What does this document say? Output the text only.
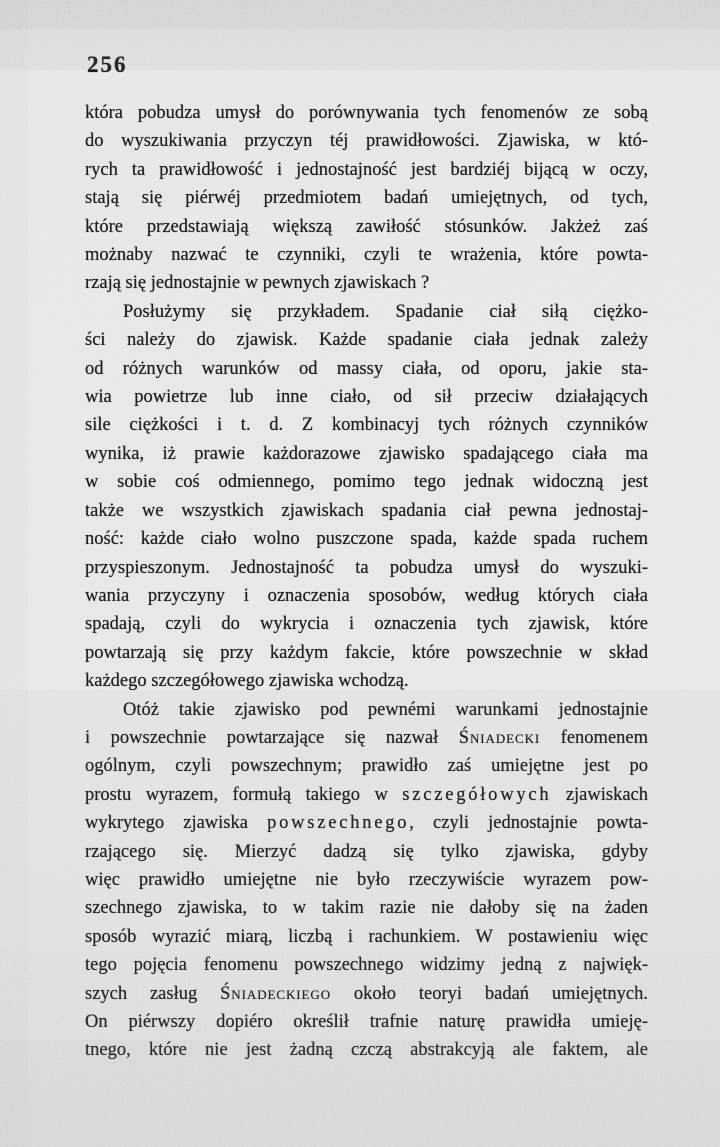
256
która pobudza umysł do porównywania tych fenomenów ze sobą
do wyszukiwania przyczyn téj prawidłowości. Zjawiska, w któ-
rych ta prawidłowość i jednostajność jest bardziéj bijącą w oczy,
stają się piérwéj przedmiotem badań umiejętnych, od tych,
które przedstawiają większą zawiłość stósunków. Jakżeż zaś
możnaby nazwać te czynniki, czyli te wrażenia, które powta-
rzają się jednostajnie w pewnych zjawiskach ?
Posłużymy się przykładem. Spadanie ciał siłą ciężko-
ści należy do zjawisk. Każde spadanie ciała jednak zależy
od różnych warunków od massy ciała, od oporu, jakie sta-
wia powietrze lub inne ciało, od sił przeciw działających
sile ciężkości i t. d. Z kombinacyj tych różnych czynników
wynika, iż prawie każdorazowe zjawisko spadającego ciała ma
w sobie coś odmiennego, pomimo tego jednak widoczną jest
także we wszystkich zjawiskach spadania ciał pewna jednostaj-
ność: każde ciało wolno puszczone spada, każde spada ruchem
przyspieszonym. Jednostajność ta pobudza umysł do wyszuki-
wania przyczyny i oznaczenia sposobów, według których ciała
spadają, czyli do wykrycia i oznaczenia tych zjawisk, które
powtarzają się przy każdym fakcie, które powszechnie w skład
każdego szczegółowego zjawiska wchodzą.
Otóż takie zjawisko pod pewnémi warunkami jednostajnie
i powszechnie powtarzające się nazwał Śniadecki fenomenem
ogólnym, czyli powszechnym; prawidło zaś umiejętne jest po
prostu wyrazem, formułą takiego w szczegółowych zjawiskach
wykrytego zjawiska powszechnego, czyli jednostajnie powta-
rzającego się. Mierzyć dadzą się tylko zjawiska, gdyby
więc prawidło umiejętne nie było rzeczywiście wyrazem pow-
szechnego zjawiska, to w takim razie nie dałoby się na żaden
sposób wyrazić miarą, liczbą i rachunkiem. W postawieniu więc
tego pojęcia fenomenu powszechnego widzimy jedną z najwięk-
szych zasług Śniadeckiego około teoryi badań umiejętnych.
On piérwszy dopiéro określił trafnie naturę prawidła umieję-
tnego, które nie jest żadną czczą abstrakcyją ale faktem, ale
